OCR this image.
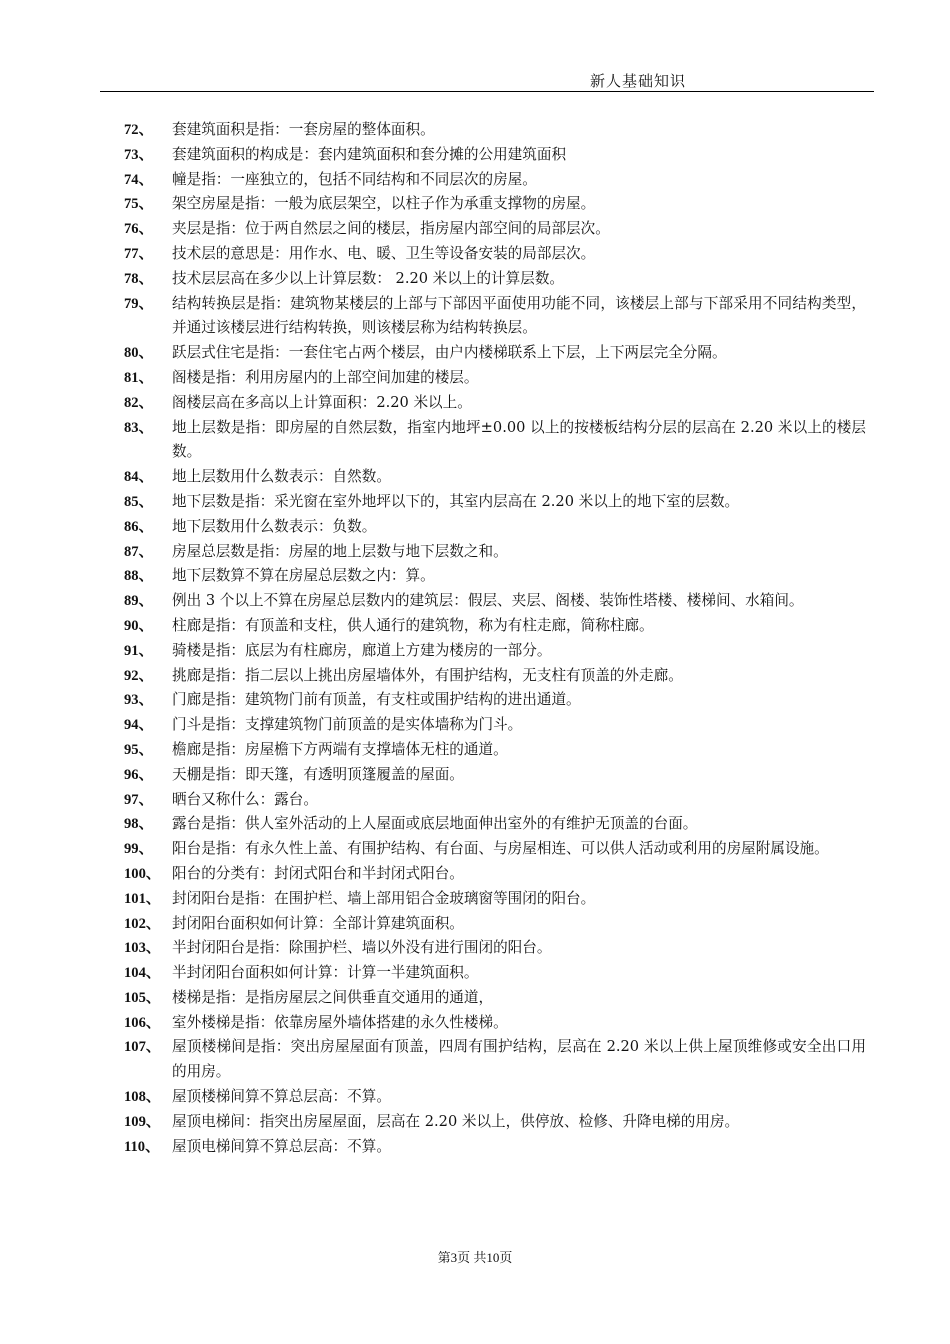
新人基础知识
72、 套建筑面积是指：一套房屋的整体面积。
73、 套建筑面积的构成是：套内建筑面积和套分摊的公用建筑面积
74、 幢是指：一座独立的，包括不同结构和不同层次的房屋。
75、 架空房屋是指：一般为底层架空，以柱子作为承重支撑物的房屋。
76、 夹层是指：位于两自然层之间的楼层，指房屋内部空间的局部层次。
77、 技术层的意思是：用作水、电、暖、卫生等设备安装的局部层次。
78、 技术层层高在多少以上计算层数： 2.20 米以上的计算层数。
79、 结构转换层是指：建筑物某楼层的上部与下部因平面使用功能不同，该楼层上部与下部采用不同结构类型，并通过该楼层进行结构转换，则该楼层称为结构转换层。
80、 跃层式住宅是指：一套住宅占两个楼层，由户内楼梯联系上下层，上下两层完全分隔。
81、 阁楼是指：利用房屋内的上部空间加建的楼层。
82、 阁楼层高在多高以上计算面积：2.20 米以上。
83、 地上层数是指：即房屋的自然层数，指室内地坪±0.00 以上的按楼板结构分层的层高在 2.20 米以上的楼层数。
84、 地上层数用什么数表示：自然数。
85、 地下层数是指：采光窗在室外地坪以下的，其室内层高在 2.20 米以上的地下室的层数。
86、 地下层数用什么数表示：负数。
87、 房屋总层数是指：房屋的地上层数与地下层数之和。
88、 地下层数算不算在房屋总层数之内：算。
89、 例出 3 个以上不算在房屋总层数内的建筑层：假层、夹层、阁楼、装饰性塔楼、楼梯间、水箱间。
90、 柱廊是指：有顶盖和支柱，供人通行的建筑物，称为有柱走廊，简称柱廊。
91、 骑楼是指：底层为有柱廊房，廊道上方建为楼房的一部分。
92、 挑廊是指：指二层以上挑出房屋墙体外，有围护结构，无支柱有顶盖的外走廊。
93、 门廊是指：建筑物门前有顶盖，有支柱或围护结构的进出通道。
94、 门斗是指：支撑建筑物门前顶盖的是实体墙称为门斗。
95、 檐廊是指：房屋檐下方两端有支撑墙体无柱的通道。
96、 天棚是指：即天篷，有透明顶篷履盖的屋面。
97、 晒台又称什么：露台。
98、 露台是指：供人室外活动的上人屋面或底层地面伸出室外的有维护无顶盖的台面。
99、 阳台是指：有永久性上盖、有围护结构、有台面、与房屋相连、可以供人活动或利用的房屋附属设施。
100、 阳台的分类有：封闭式阳台和半封闭式阳台。
101、 封闭阳台是指：在围护栏、墙上部用铝合金玻璃窗等围闭的阳台。
102、 封闭阳台面积如何计算：全部计算建筑面积。
103、 半封闭阳台是指：除围护栏、墙以外没有进行围闭的阳台。
104、 半封闭阳台面积如何计算：计算一半建筑面积。
105、 楼梯是指：是指房屋层之间供垂直交通用的通道，
106、 室外楼梯是指：依靠房屋外墙体搭建的永久性楼梯。
107、 屋顶楼梯间是指：突出房屋屋面有顶盖，四周有围护结构，层高在 2.20 米以上供上屋顶维修或安全出口用的用房。
108、 屋顶楼梯间算不算总层高：不算。
109、 屋顶电梯间：指突出房屋屋面，层高在 2.20 米以上，供停放、检修、升降电梯的用房。
110、 屋顶电梯间算不算总层高：不算。
第3页 共10页
